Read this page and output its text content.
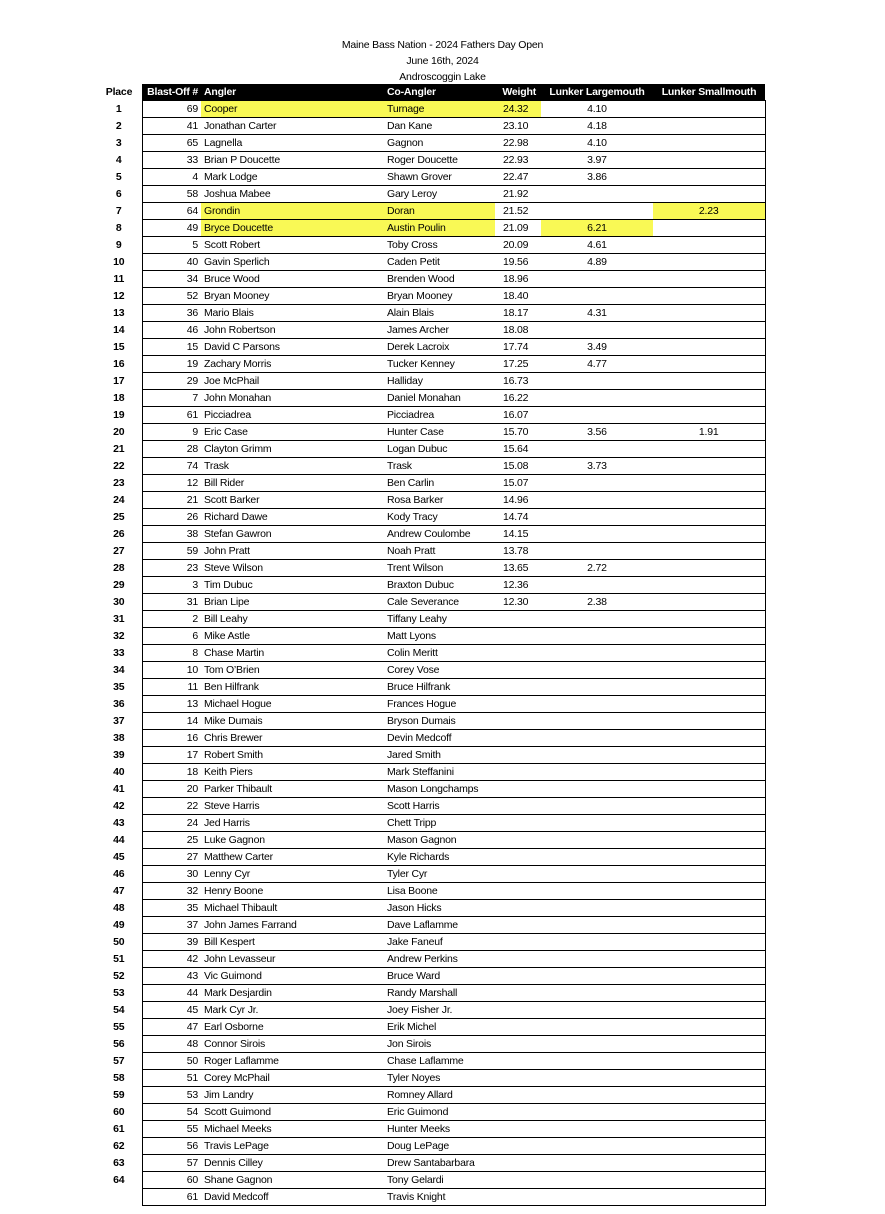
Maine Bass Nation - 2024 Fathers Day Open
June 16th, 2024
Androscoggin Lake
Place	Blast-Off #	Angler	Co-Angler	Weight	Lunker Largemouth	Lunker Smallmouth
1	69	Cooper	Turnage	24.32	4.10	
2	41	Jonathan Carter	Dan Kane	23.10	4.18	
3	65	Lagnella	Gagnon	22.98	4.10	
4	33	Brian P Doucette	Roger Doucette	22.93	3.97	
5	4	Mark Lodge	Shawn Grover	22.47	3.86	
6	58	Joshua Mabee	Gary Leroy	21.92		
7	64	Grondin	Doran	21.52		2.23
8	49	Bryce Doucette	Austin Poulin	21.09	6.21	
9	5	Scott Robert	Toby Cross	20.09	4.61	
10	40	Gavin Sperlich	Caden Petit	19.56	4.89	
11	34	Bruce Wood	Brenden Wood	18.96		
12	52	Bryan Mooney	Bryan Mooney	18.40		
13	36	Mario Blais	Alain Blais	18.17	4.31	
14	46	John Robertson	James Archer	18.08		
15	15	David C Parsons	Derek Lacroix	17.74	3.49	
16	19	Zachary Morris	Tucker Kenney	17.25	4.77	
17	29	Joe McPhail	Halliday	16.73		
18	7	John Monahan	Daniel Monahan	16.22		
19	61	Picciadrea	Picciadrea	16.07		
20	9	Eric Case	Hunter Case	15.70	3.56	1.91
21	28	Clayton Grimm	Logan Dubuc	15.64		
22	74	Trask	Trask	15.08	3.73	
23	12	Bill Rider	Ben Carlin	15.07		
24	21	Scott Barker	Rosa Barker	14.96		
25	26	Richard Dawe	Kody Tracy	14.74		
26	38	Stefan Gawron	Andrew Coulombe	14.15		
27	59	John Pratt	Noah Pratt	13.78		
28	23	Steve Wilson	Trent Wilson	13.65	2.72	
29	3	Tim Dubuc	Braxton Dubuc	12.36		
30	31	Brian Lipe	Cale Severance	12.30	2.38	
31	2	Bill Leahy	Tiffany Leahy			
32	6	Mike Astle	Matt Lyons			
33	8	Chase Martin	Colin Meritt			
34	10	Tom O’Brien	Corey Vose			
35	11	Ben Hilfrank	Bruce Hilfrank			
36	13	Michael Hogue	Frances Hogue			
37	14	Mike Dumais	Bryson Dumais			
38	16	Chris Brewer	Devin Medcoff			
39	17	Robert Smith	Jared Smith			
40	18	Keith Piers	Mark Steffanini			
41	20	Parker Thibault	Mason Longchamps			
42	22	Steve Harris	Scott Harris			
43	24	Jed Harris	Chett Tripp			
44	25	Luke Gagnon	Mason Gagnon			
45	27	Matthew Carter	Kyle Richards			
46	30	Lenny Cyr	Tyler Cyr			
47	32	Henry Boone	Lisa Boone			
48	35	Michael Thibault	Jason Hicks			
49	37	John James Farrand	Dave Laflamme			
50	39	Bill Kespert	Jake Faneuf			
51	42	John Levasseur	Andrew Perkins			
52	43	Vic Guimond	Bruce Ward			
53	44	Mark Desjardin	Randy Marshall			
54	45	Mark Cyr Jr.	Joey Fisher Jr.			
55	47	Earl Osborne	Erik Michel			
56	48	Connor Sirois	Jon Sirois			
57	50	Roger Laflamme	Chase Laflamme			
58	51	Corey McPhail	Tyler Noyes			
59	53	Jim Landry	Romney Allard			
60	54	Scott Guimond	Eric Guimond			
61	55	Michael Meeks	Hunter Meeks			
62	56	Travis LePage	Doug LePage			
63	57	Dennis Cilley	Drew Santabarbara			
64	60	Shane Gagnon	Tony Gelardi			
	61	David Medcoff	Travis Knight			
